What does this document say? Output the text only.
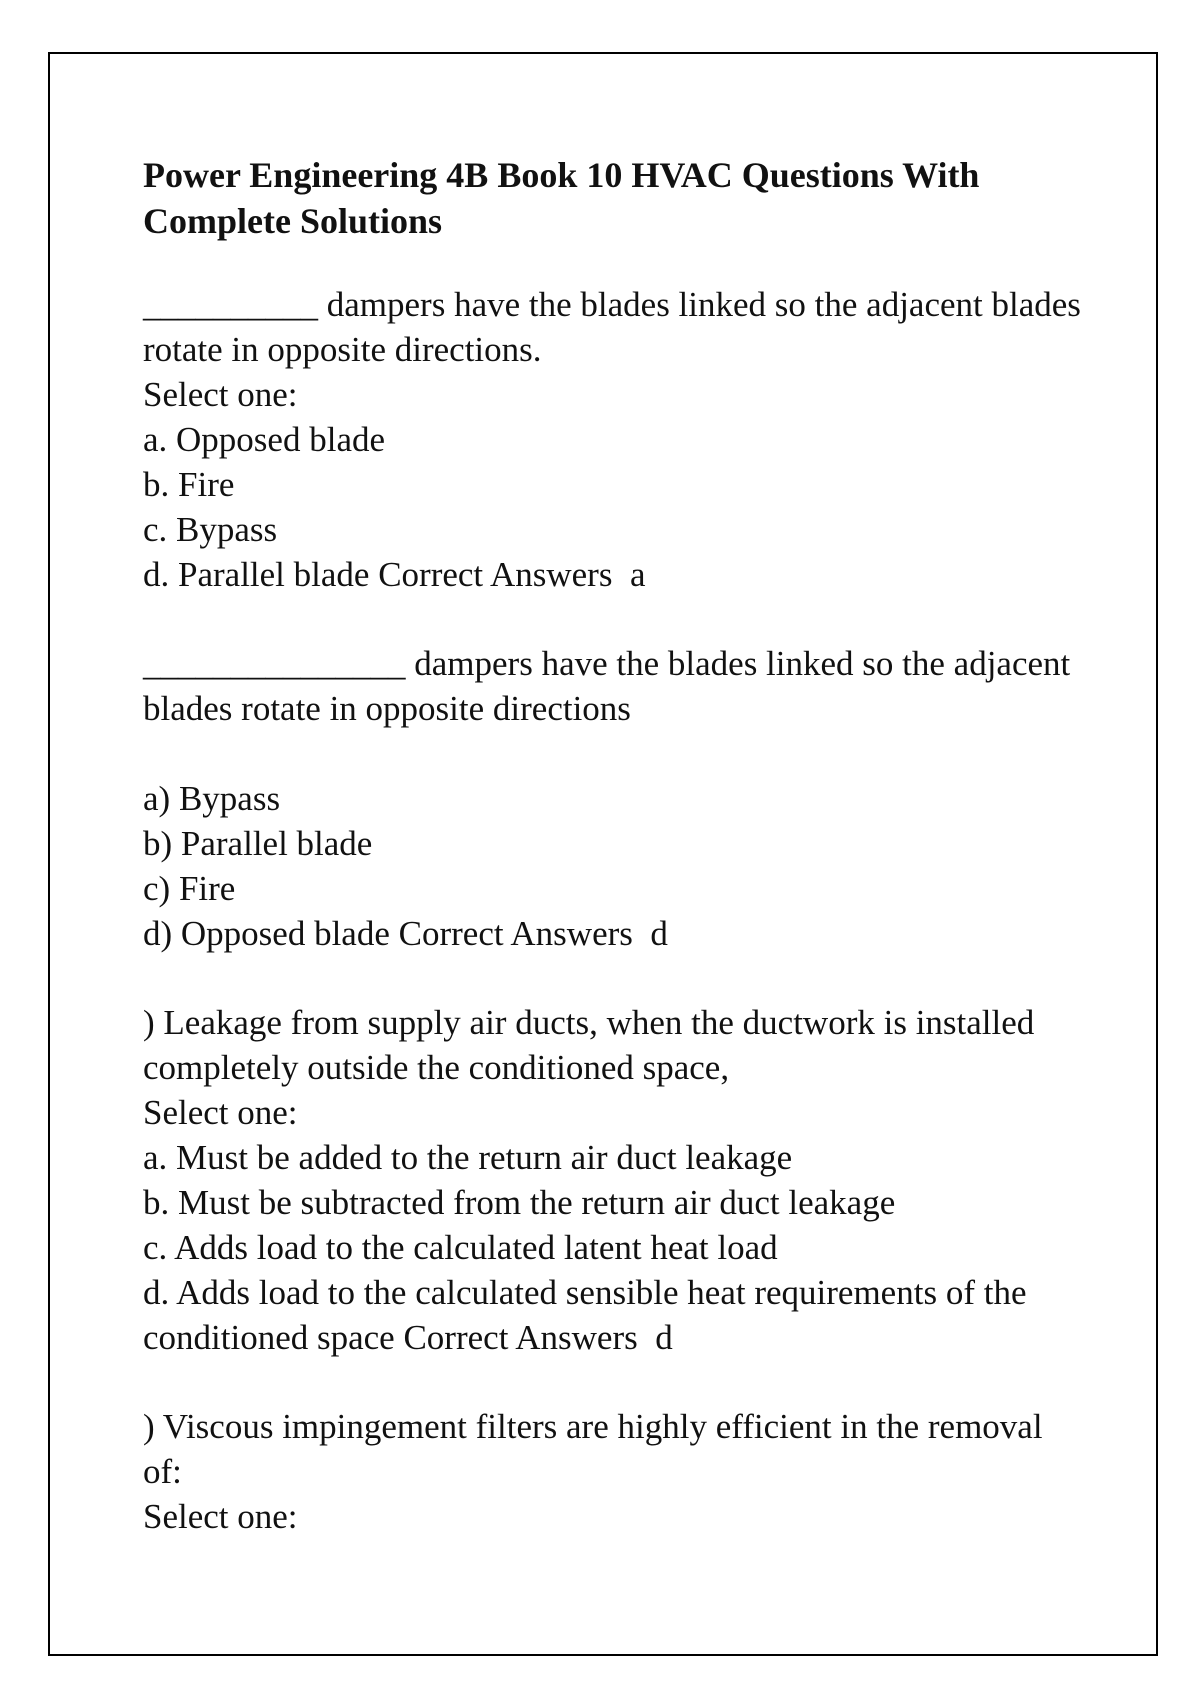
Power Engineering 4B Book 10 HVAC Questions With Complete Solutions

__________ dampers have the blades linked so the adjacent blades rotate in opposite directions.

Select one:

a. Opposed blade

b. Fire

c. Bypass

d. Parallel blade Correct Answers  a

_______________ dampers have the blades linked so the adjacent blades rotate in opposite directions

a) Bypass

b) Parallel blade

c) Fire

d) Opposed blade Correct Answers  d

) Leakage from supply air ducts, when the ductwork is installed completely outside the conditioned space,

Select one:

a. Must be added to the return air duct leakage

b. Must be subtracted from the return air duct leakage

c. Adds load to the calculated latent heat load

d. Adds load to the calculated sensible heat requirements of the conditioned space Correct Answers  d

) Viscous impingement filters are highly efficient in the removal of:

Select one:
